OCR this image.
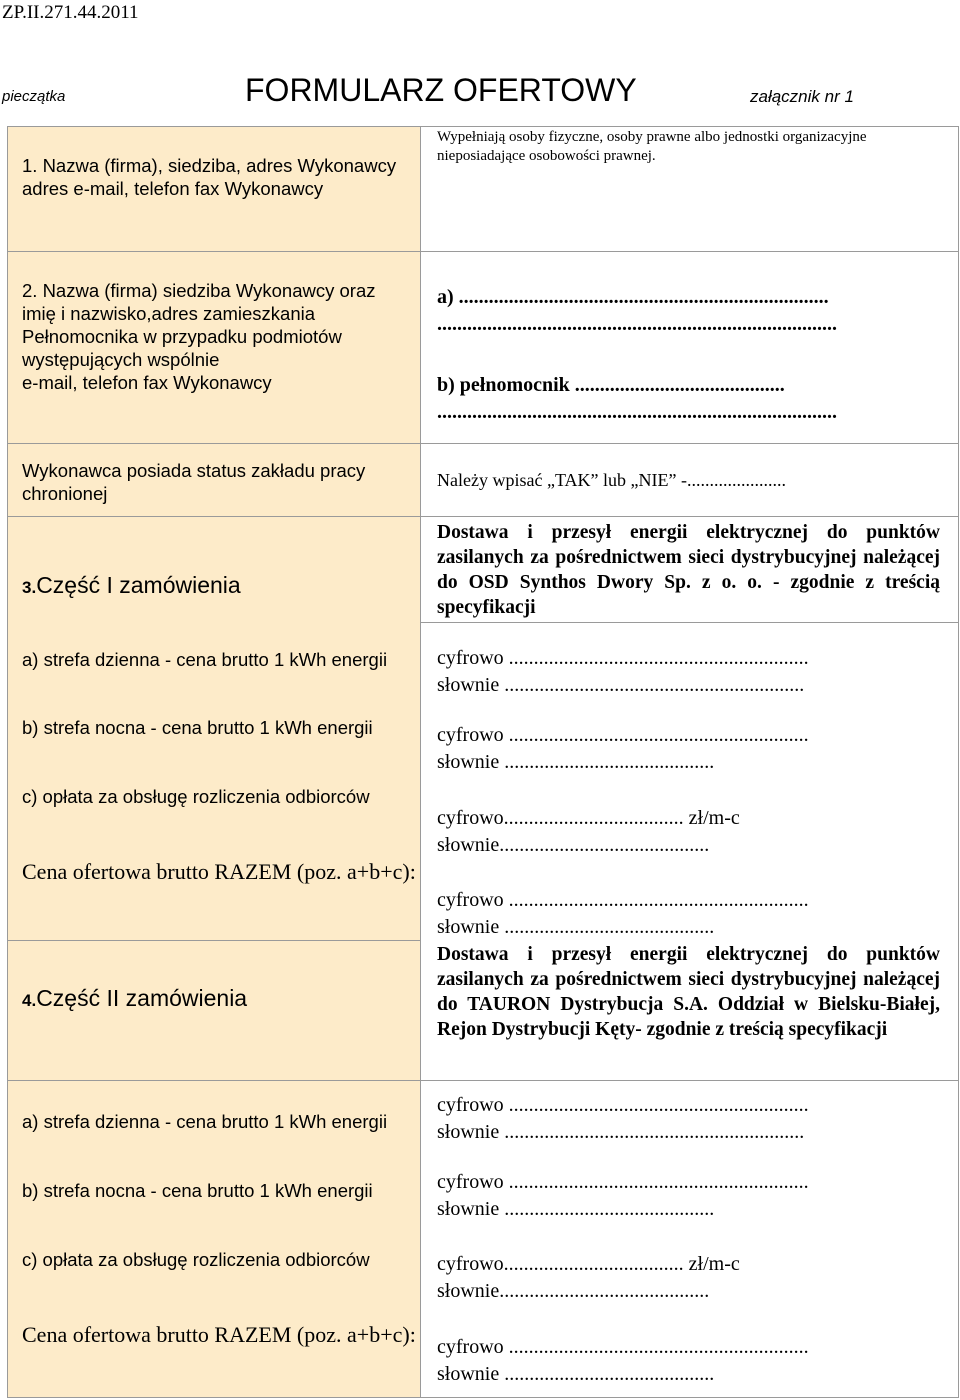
ZP.II.271.44.2011
pieczątka	FORMULARZ OFERTOWY	załącznik nr 1
1. Nazwa (firma), siedziba, adres Wykonawcy adres e-mail, telefon fax Wykonawcy
Wypełniają osoby fizyczne, osoby prawne albo jednostki organizacyjne nieposiadające osobowości prawnej.
2. Nazwa (firma) siedziba Wykonawcy oraz imię i nazwisko,adres zamieszkania Pełnomocnika w przypadku podmiotów występujących wspólnie
e-mail, telefon fax Wykonawcy
a) ..........................................................................
................................................................................
b) pełnomocnik ..........................................
................................................................................
Wykonawca posiada status zakładu pracy chronionej
Należy wpisać „TAK” lub „NIE” -......................
3.Część I zamówienia
Dostawa i przesył energii elektrycznej do punktów zasilanych za pośrednictwem sieci dystrybucyjnej należącej do OSD Synthos Dwory Sp. z o. o. - zgodnie z treścią specyfikacji
a) strefa dzienna - cena brutto 1 kWh energii
b) strefa nocna - cena brutto 1 kWh energii
c) opłata za obsługę rozliczenia odbiorców
Cena ofertowa brutto RAZEM (poz. a+b+c):
cyfrowo ............................................................
słownie ............................................................
cyfrowo ............................................................
słownie ..........................................
cyfrowo.................................... zł/m-c
słownie..........................................
cyfrowo ............................................................
słownie ..........................................
4.Część II zamówienia
Dostawa i przesył energii elektrycznej do punktów zasilanych za pośrednictwem sieci dystrybucyjnej należącej do TAURON Dystrybucja S.A. Oddział w Bielsku-Białej, Rejon Dystrybucji Kęty- zgodnie z treścią specyfikacji
a) strefa dzienna - cena brutto 1 kWh energii
b) strefa nocna - cena brutto 1 kWh energii
c) opłata za obsługę rozliczenia odbiorców
Cena ofertowa brutto RAZEM (poz. a+b+c):
cyfrowo ............................................................
słownie ............................................................
cyfrowo ............................................................
słownie ..........................................
cyfrowo.................................... zł/m-c
słownie..........................................
cyfrowo ............................................................
słownie ..........................................
